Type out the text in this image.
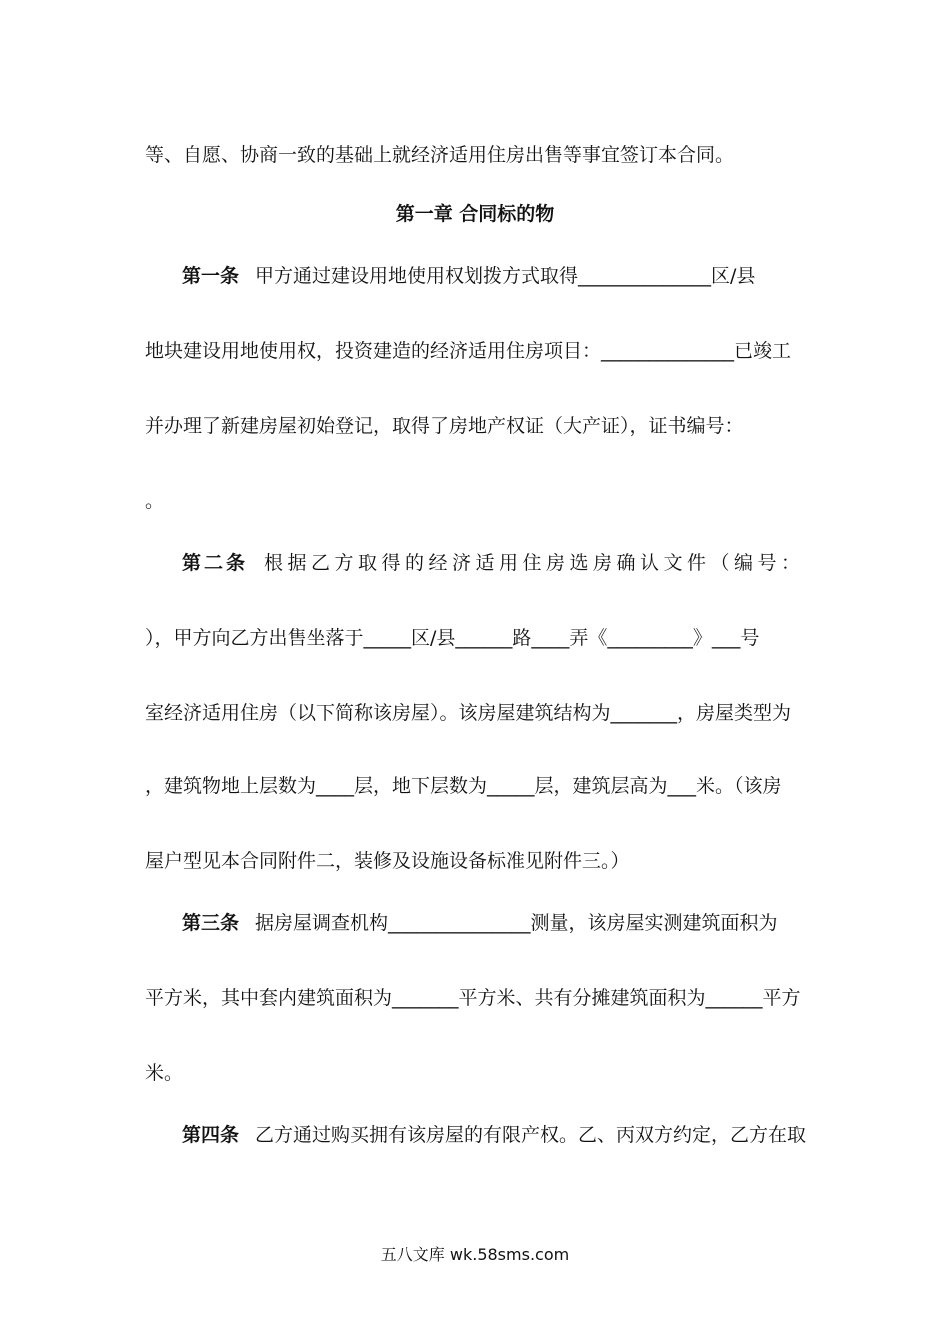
等、自愿、协商一致的基础上就经济适用住房出售等事宜签订本合同。
第一章 合同标的物
第一条 甲方通过建设用地使用权划拨方式取得______________区/县
地块建设用地使用权，投资建造的经济适用住房项目：______________已竣工
并办理了新建房屋初始登记，取得了房地产权证（大产证），证书编号：
。
第二条 根据乙方取得的经济适用住房选房确认文件（编号：
），甲方向乙方出售坐落于_____区/县______路____弄《_________》___号
室经济适用住房（以下简称该房屋）。该房屋建筑结构为_______，房屋类型为
，建筑物地上层数为____层，地下层数为_____层，建筑层高为___米。（该房
屋户型见本合同附件二，装修及设施设备标准见附件三。）
第三条 据房屋调查机构_______________测量，该房屋实测建筑面积为
平方米，其中套内建筑面积为_______平方米、共有分摊建筑面积为______平方
米。
第四条 乙方通过购买拥有该房屋的有限产权。乙、丙双方约定，乙方在取
五八文库 wk.58sms.com
